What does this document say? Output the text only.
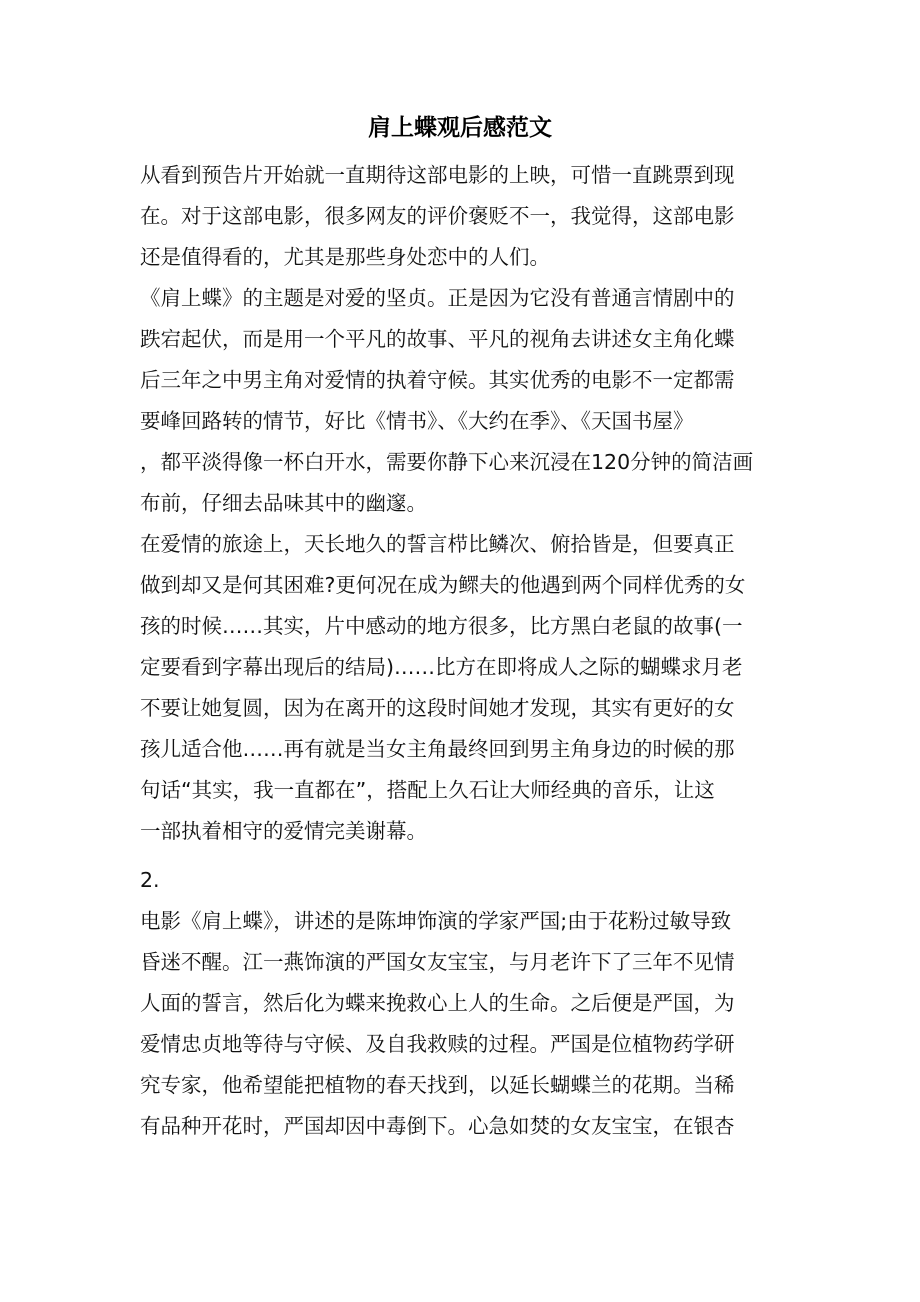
肩上蝶观后感范文
从看到预告片开始就一直期待这部电影的上映，可惜一直跳票到现
在。对于这部电影，很多网友的评价褒贬不一，我觉得，这部电影
还是值得看的，尤其是那些身处恋中的人们。
《肩上蝶》的主题是对爱的坚贞。正是因为它没有普通言情剧中的
跌宕起伏，而是用一个平凡的故事、平凡的视角去讲述女主角化蝶
后三年之中男主角对爱情的执着守候。其实优秀的电影不一定都需
要峰回路转的情节，好比《情书》、《大约在季》、《天国书屋》
，都平淡得像一杯白开水，需要你静下心来沉浸在120分钟的简洁画
布前，仔细去品味其中的幽邃。
在爱情的旅途上，天长地久的誓言栉比鳞次、俯拾皆是，但要真正
做到却又是何其困难?更何况在成为鳏夫的他遇到两个同样优秀的女
孩的时候……其实，片中感动的地方很多，比方黑白老鼠的故事(一
定要看到字幕出现后的结局)……比方在即将成人之际的蝴蝶求月老
不要让她复圆，因为在离开的这段时间她才发现，其实有更好的女
孩儿适合他……再有就是当女主角最终回到男主角身边的时候的那
句话“其实，我一直都在”，搭配上久石让大师经典的音乐，让这
一部执着相守的爱情完美谢幕。
2.
电影《肩上蝶》，讲述的是陈坤饰演的学家严国;由于花粉过敏导致
昏迷不醒。江一燕饰演的严国女友宝宝，与月老许下了三年不见情
人面的誓言，然后化为蝶来挽救心上人的生命。之后便是严国，为
爱情忠贞地等待与守候、及自我救赎的过程。严国是位植物药学研
究专家，他希望能把植物的春天找到，以延长蝴蝶兰的花期。当稀
有品种开花时，严国却因中毒倒下。心急如焚的女友宝宝，在银杏
